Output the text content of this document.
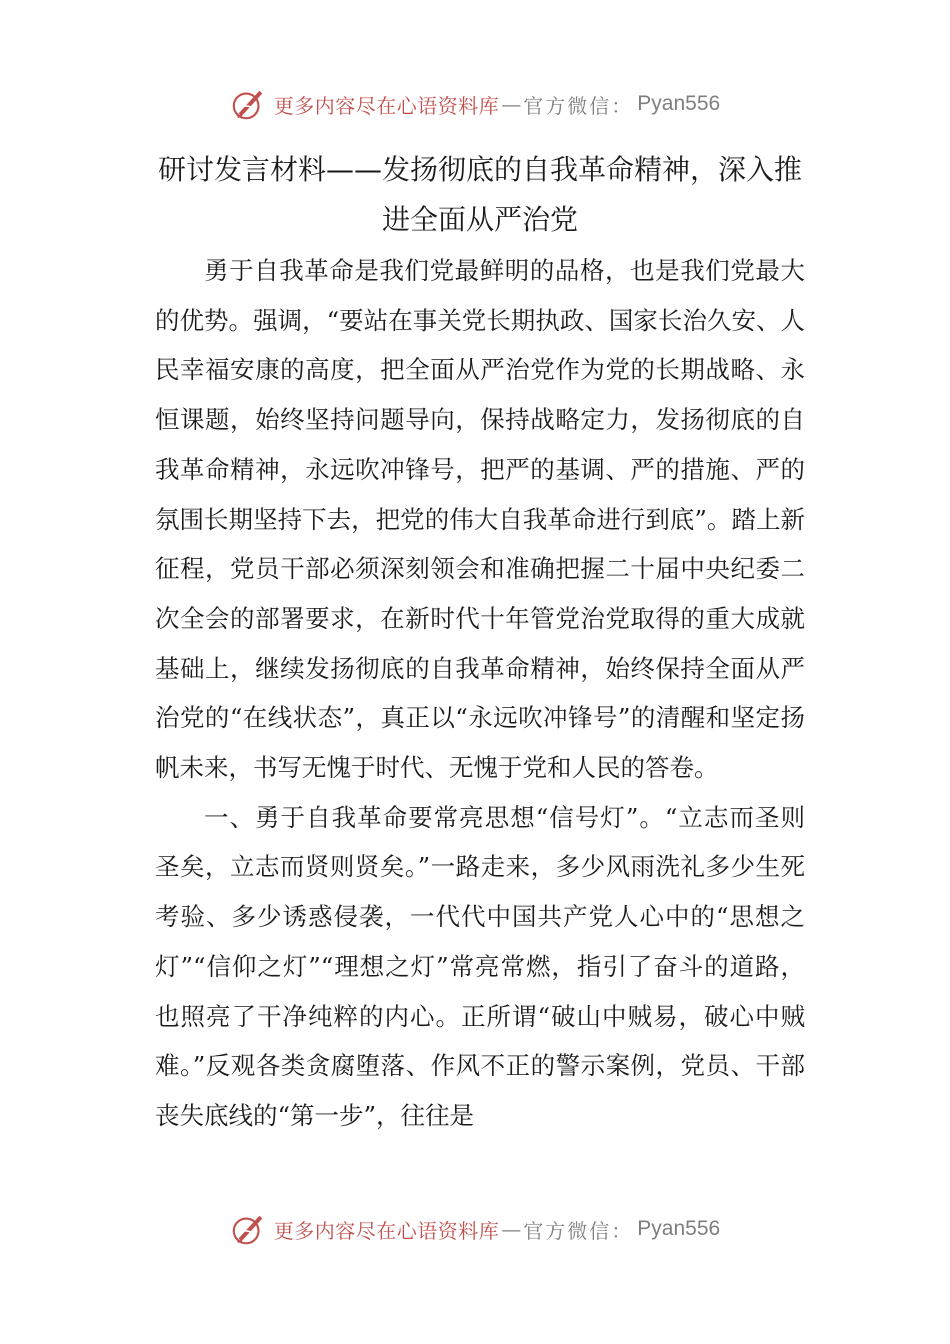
更多内容尽在心语资料库 — 官方微信： Pyan556
研讨发言材料——发扬彻底的自我革命精神，深入推进全面从严治党

勇于自我革命是我们党最鲜明的品格，也是我们党最大的优势。强调，“要站在事关党长期执政、国家长治久安、人民幸福安康的高度，把全面从严治党作为党的长期战略、永恒课题，始终坚持问题导向，保持战略定力，发扬彻底的自我革命精神，永远吹冲锋号，把严的基调、严的措施、严的氛围长期坚持下去，把党的伟大自我革命进行到底”。踏上新征程，党员干部必须深刻领会和准确把握二十届中央纪委二次全会的部署要求，在新时代十年管党治党取得的重大成就基础上，继续发扬彻底的自我革命精神，始终保持全面从严治党的“在线状态”，真正以“永远吹冲锋号”的清醒和坚定扬帆未来，书写无愧于时代、无愧于党和人民的答卷。

一、勇于自我革命要常亮思想“信号灯”。“立志而圣则圣矣，立志而贤则贤矣。”一路走来，多少风雨洗礼多少生死考验、多少诱惑侵袭，一代代中国共产党人心中的“思想之灯”“信仰之灯”“理想之灯”常亮常燃，指引了奋斗的道路，也照亮了干净纯粹的内心。正所谓“破山中贼易，破心中贼难。”反观各类贪腐堕落、作风不正的警示案例，党员、干部丧失底线的“第一步”，往往是

更多内容尽在心语资料库 — 官方微信： Pyan556
